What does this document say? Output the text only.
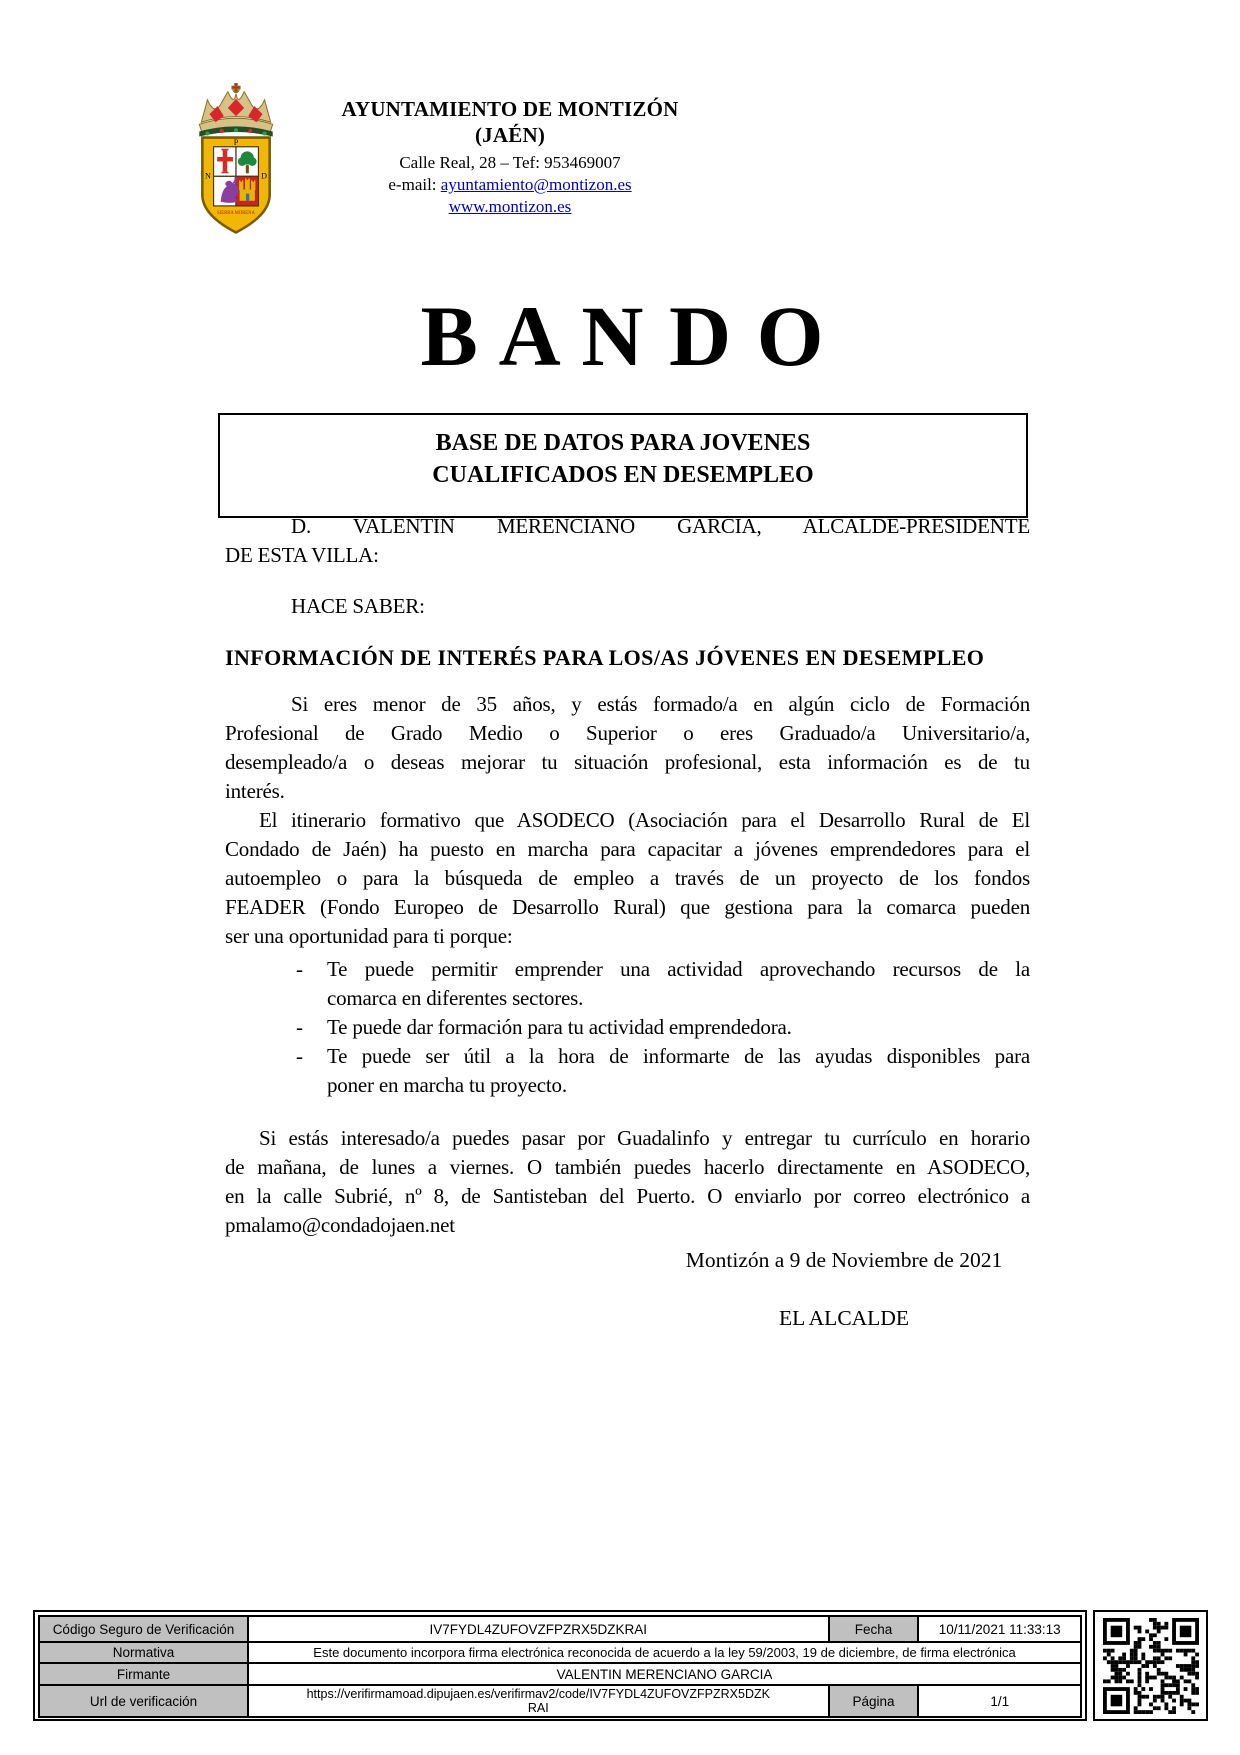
P
N	D
SIERRA MORENA
AYUNTAMIENTO DE MONTIZÓN
(JAÉN)
Calle Real, 28 – Tef: 953469007
e-mail: ayuntamiento@montizon.es
www.montizon.es
B A N D O
BASE DE DATOS PARA JOVENES
CUALIFICADOS EN DESEMPLEO
D. VALENTIN MERENCIANO GARCIA, ALCALDE-PRESIDENTE
DE ESTA VILLA:
HACE SABER:
INFORMACIÓN DE INTERÉS PARA LOS/AS JÓVENES EN DESEMPLEO
Si eres menor de 35 años, y estás formado/a en algún ciclo de Formación
Profesional de Grado Medio o Superior o eres Graduado/a Universitario/a,
desempleado/a o deseas mejorar tu situación profesional, esta información es de tu
interés.
El itinerario formativo que ASODECO (Asociación para el Desarrollo Rural de El
Condado de Jaén) ha puesto en marcha para capacitar a jóvenes emprendedores para el
autoempleo o para la búsqueda de empleo a través de un proyecto de los fondos
FEADER (Fondo Europeo de Desarrollo Rural) que gestiona para la comarca pueden
ser una oportunidad para ti porque:
- Te puede permitir emprender una actividad aprovechando recursos de la
comarca en diferentes sectores.
- Te puede dar formación para tu actividad emprendedora.
- Te puede ser útil a la hora de informarte de las ayudas disponibles para
poner en marcha tu proyecto.
Si estás interesado/a puedes pasar por Guadalinfo y entregar tu currículo en horario
de mañana, de lunes a viernes. O también puedes hacerlo directamente en ASODECO,
en la calle Subrié, nº 8, de Santisteban del Puerto. O enviarlo por correo electrónico a
pmalamo@condadojaen.net
Montizón a 9 de Noviembre de 2021
EL ALCALDE
Código Seguro de Verificación	IV7FYDL4ZUFOVZFPZRX5DZKRAI	Fecha	10/11/2021 11:33:13
Normativa	Este documento incorpora firma electrónica reconocida de acuerdo a la ley 59/2003, 19 de diciembre, de firma electrónica		
Firmante	VALENTIN MERENCIANO GARCIA		
Url de verificación	https://verifirmamoad.dipujaen.es/verifirmav2/code/IV7FYDL4ZUFOVZFPZRX5DZKRAI	Página	1/1
